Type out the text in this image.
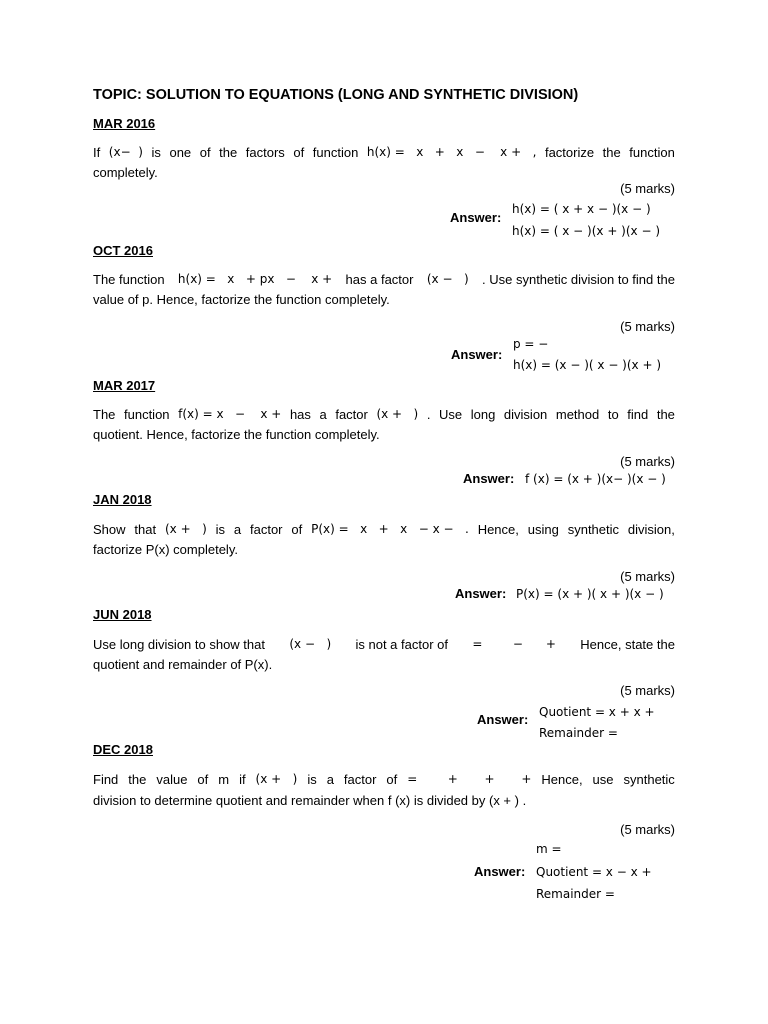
TOPIC: SOLUTION TO EQUATIONS (LONG AND SYNTHETIC DIVISION)
MAR 2016
If (x−  ) is one of the factors of function h(x) =   x   +   x   −    x +   , factorize the function
completely.
(5 marks)
Answer:
h(x) = ( x + x − )(x − )
h(x) = ( x − )(x + )(x − )
OCT 2016
The function h(x) =   x   + px   −    x + has a factor (x −   ) . Use synthetic division to find the
value of p. Hence, factorize the function completely.
(5 marks)
Answer:
p = −
h(x) = (x − )( x − )(x + )
MAR 2017
The function f(x) = x   −    x + has a factor (x +   ) . Use long division method to find the
quotient. Hence, factorize the function completely.
(5 marks)
Answer: f (x) = (x + )(x− )(x − )
JAN 2018
Show that (x +   ) is a factor of P(x) =   x   +   x   − x −   . Hence, using synthetic division,
factorize P(x) completely.
(5 marks)
Answer: P(x) = (x + )( x + )(x − )
JUN 2018
Use long division to show that (x −   ) is not a factor of =        −      + Hence, state the
quotient and remainder of P(x).
(5 marks)
Answer: Quotient = x + x +
Remainder =
DEC 2018
Find the value of m if (x +   ) is a factor of =        +       +       + Hence, use synthetic
division to determine quotient and remainder when f (x) is divided by (x + ) .
(5 marks)
Answer:
m =
Quotient = x − x +
Remainder =
